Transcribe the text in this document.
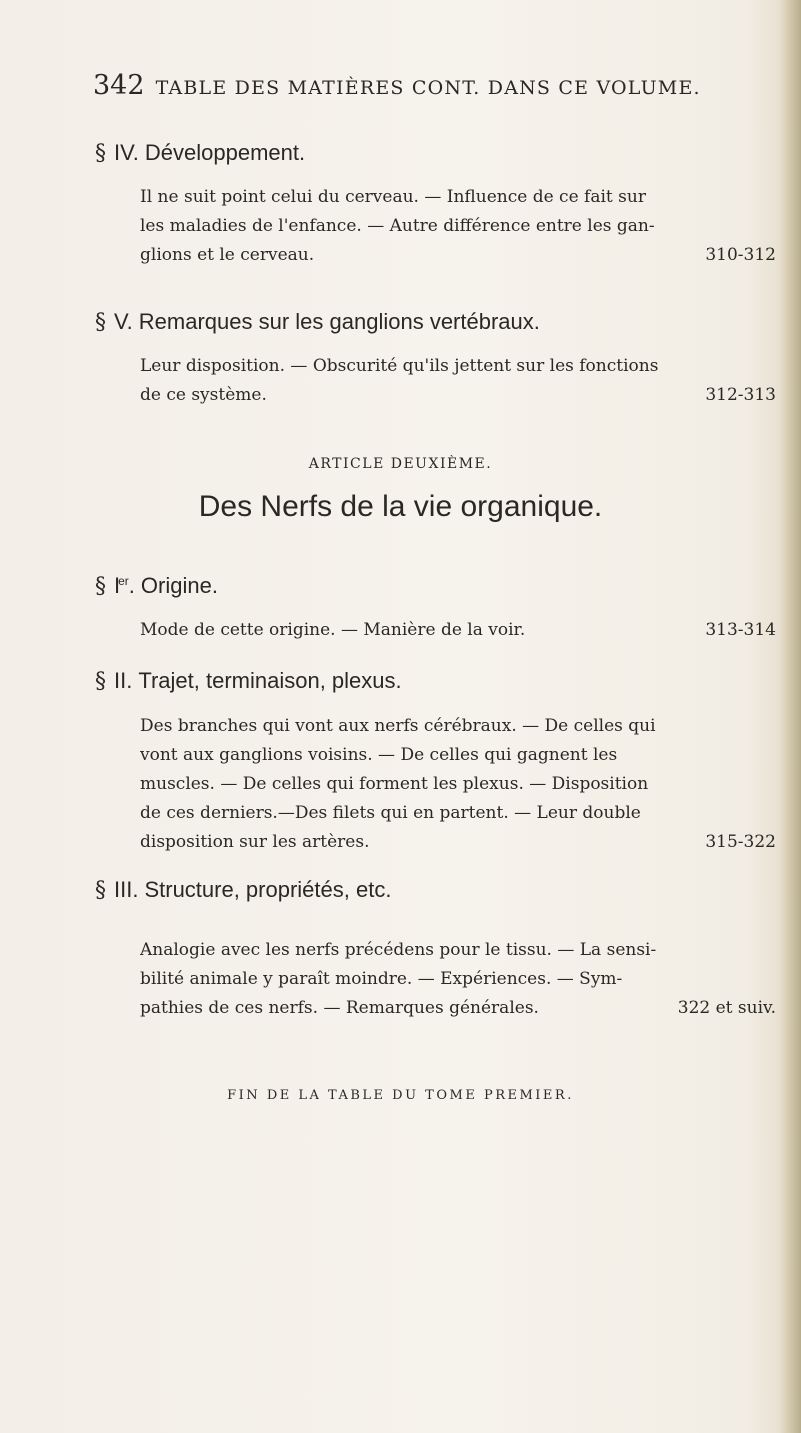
342 TABLE DES MATIÈRES CONT. DANS CE VOLUME.
§ IV. Développement.
Il ne suit point celui du cerveau. — Influence de ce fait sur
les maladies de l'enfance. — Autre différence entre les gan-
glions et le cerveau.	310-312
§ V. Remarques sur les ganglions vertébraux.
Leur disposition. — Obscurité qu'ils jettent sur les fonctions
de ce système.	312-313
ARTICLE DEUXIÈME.
Des Nerfs de la vie organique.
§ Ier. Origine.
Mode de cette origine. — Manière de la voir.	313-314
§ II. Trajet, terminaison, plexus.
Des branches qui vont aux nerfs cérébraux. — De celles qui
vont aux ganglions voisins. — De celles qui gagnent les
muscles. — De celles qui forment les plexus. — Disposition
de ces derniers.—Des filets qui en partent. — Leur double
disposition sur les artères.	315-322
§ III. Structure, propriétés, etc.
Analogie avec les nerfs précédens pour le tissu. — La sensi-
bilité animale y paraît moindre. — Expériences. — Sym-
pathies de ces nerfs. — Remarques générales.	322 et suiv.
FIN DE LA TABLE DU TOME PREMIER.
